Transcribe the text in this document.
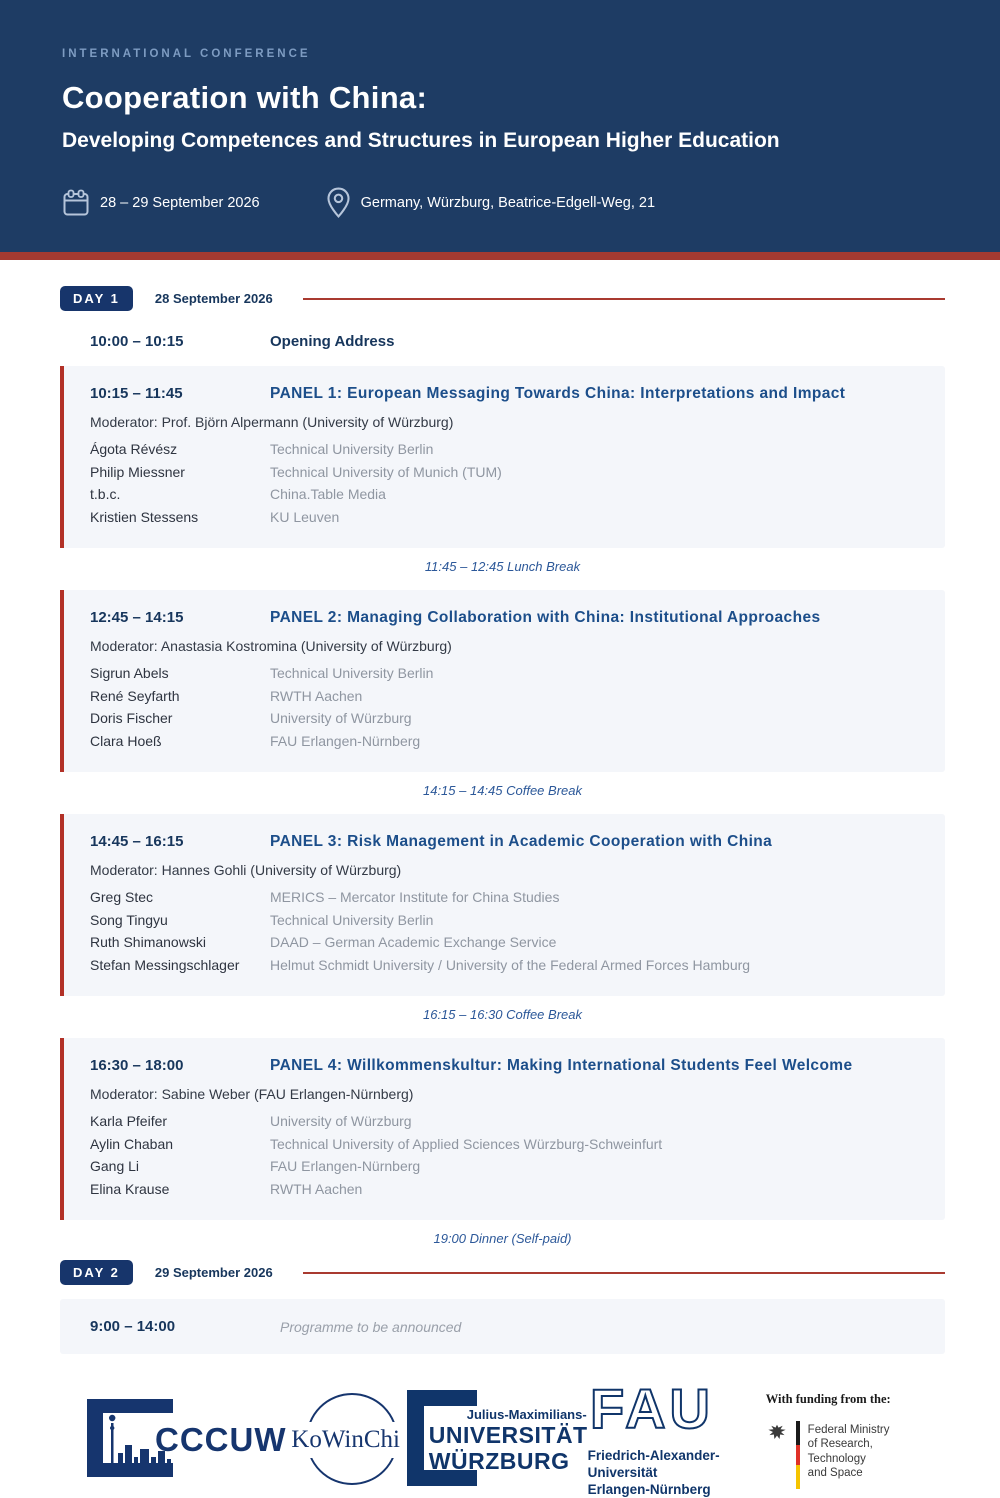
INTERNATIONAL CONFERENCE
Cooperation with China:
Developing Competences and Structures in European Higher Education
28 – 29 September 2026	Germany, Würzburg, Beatrice-Edgell-Weg, 21
DAY 1	28 September 2026
10:00 – 10:15	Opening Address
10:15 – 11:45	PANEL 1: European Messaging Towards China: Interpretations and Impact
Moderator: Prof. Björn Alpermann (University of Würzburg)
Ágota Révész	Technical University Berlin
Philip Miessner	Technical University of Munich (TUM)
t.b.c.	China.Table Media
Kristien Stessens	KU Leuven
11:45 – 12:45 Lunch Break
12:45 – 14:15	PANEL 2: Managing Collaboration with China: Institutional Approaches
Moderator: Anastasia Kostromina (University of Würzburg)
Sigrun Abels	Technical University Berlin
René Seyfarth	RWTH Aachen
Doris Fischer	University of Würzburg
Clara Hoeß	FAU Erlangen-Nürnberg
14:15 – 14:45 Coffee Break
14:45 – 16:15	PANEL 3: Risk Management in Academic Cooperation with China
Moderator: Hannes Gohli (University of Würzburg)
Greg Stec	MERICS – Mercator Institute for China Studies
Song Tingyu	Technical University Berlin
Ruth Shimanowski	DAAD – German Academic Exchange Service
Stefan Messingschlager	Helmut Schmidt University / University of the Federal Armed Forces Hamburg
16:15 – 16:30 Coffee Break
16:30 – 18:00	PANEL 4: Willkommenskultur: Making International Students Feel Welcome
Moderator: Sabine Weber (FAU Erlangen-Nürnberg)
Karla Pfeifer	University of Würzburg
Aylin Chaban	Technical University of Applied Sciences Würzburg-Schweinfurt
Gang Li	FAU Erlangen-Nürnberg
Elina Krause	RWTH Aachen
19:00 Dinner (Self-paid)
DAY 2	29 September 2026
9:00 – 14:00	Programme to be announced
CCCUW KoWinChi
Julius-Maximilians-
UNIVERSITÄT
WÜRZBURG
FAU
Friedrich-Alexander-Universität
Erlangen-Nürnberg
With funding from the:
Federal Ministry
of Research, Technology
and Space
